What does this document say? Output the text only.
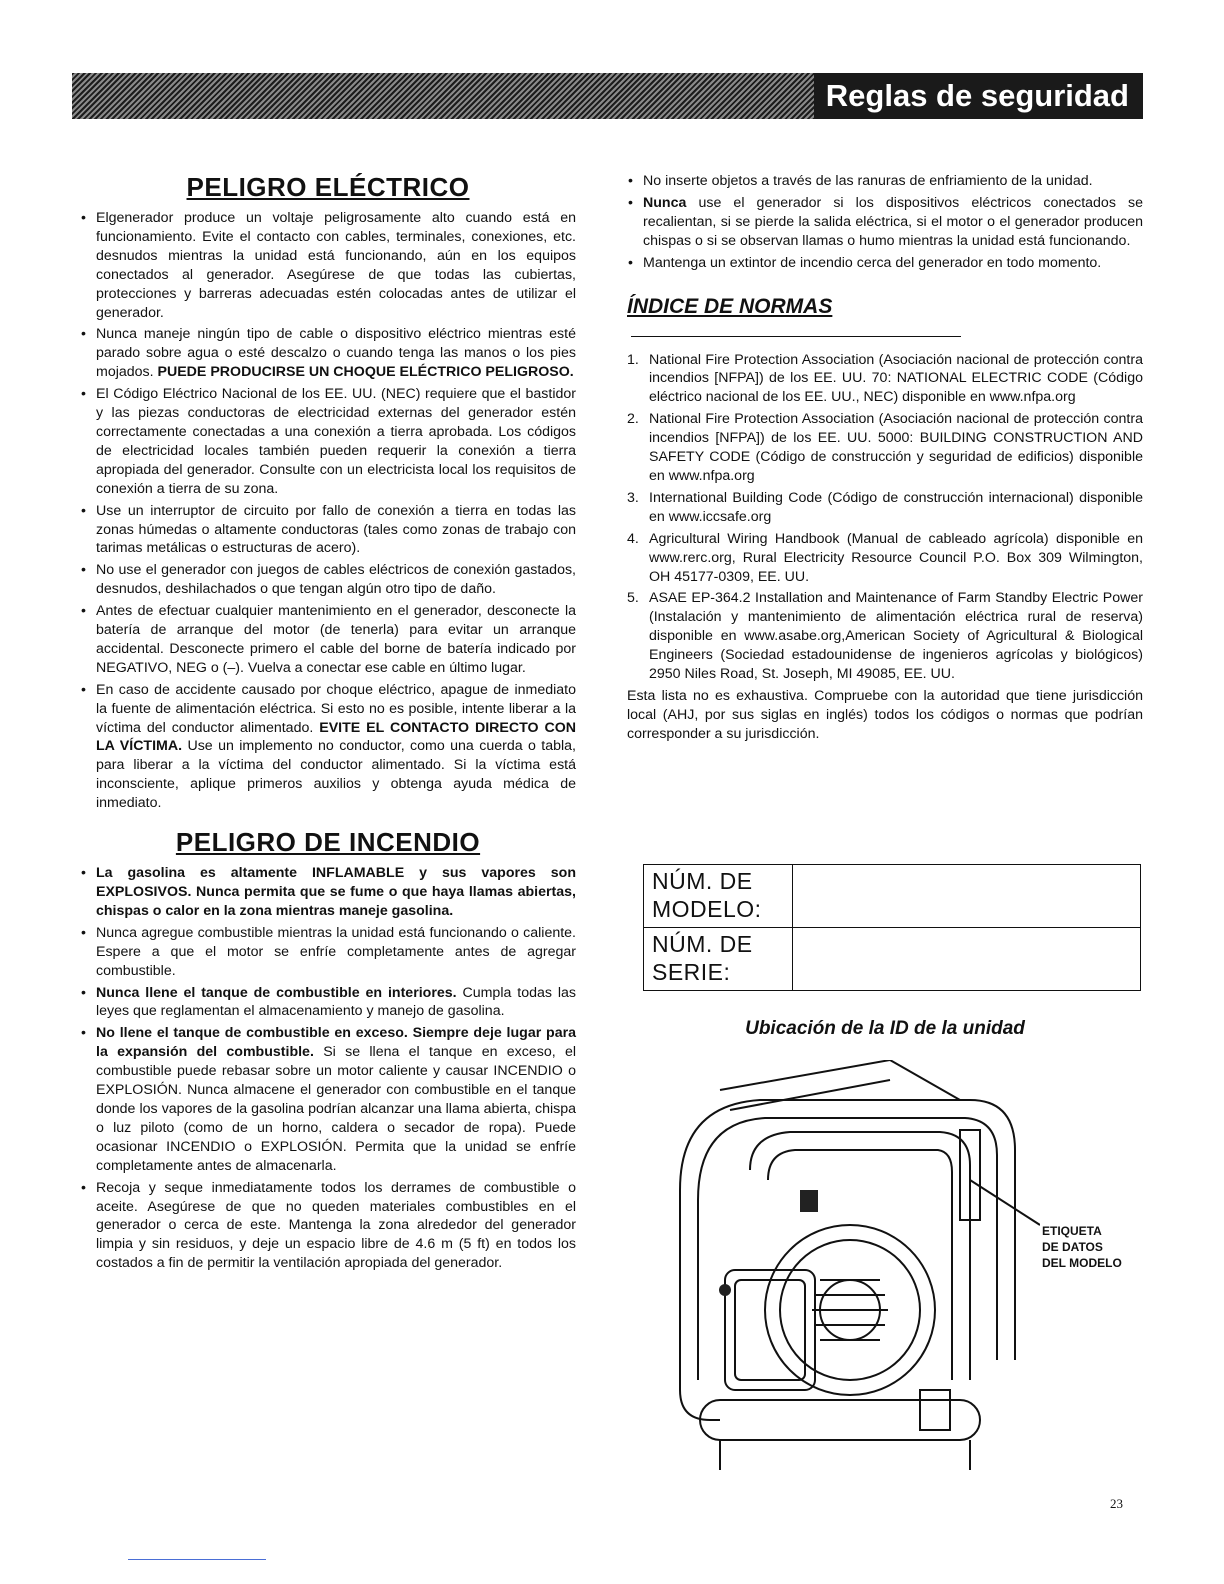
Reglas de seguridad
PELIGRO ELÉCTRICO
• Elgenerador produce un voltaje peligrosamente alto cuando está en funcionamiento. Evite el contacto con cables, terminales, conexiones, etc. desnudos mientras la unidad está funcionando, aún en los equipos conectados al generador. Asegúrese de que todas las cubiertas, protecciones y barreras adecuadas estén colocadas antes de utilizar el generador.
• Nunca maneje ningún tipo de cable o dispositivo eléctrico mientras esté parado sobre agua o esté descalzo o cuando tenga las manos o los pies mojados. PUEDE PRODUCIRSE UN CHOQUE ELÉCTRICO PELIGROSO.
• El Código Eléctrico Nacional de los EE. UU. (NEC) requiere que el bastidor y las piezas conductoras de electricidad externas del generador estén correctamente conectadas a una conexión a tierra aprobada. Los códigos de electricidad locales también pueden requerir la conexión a tierra apropiada del generador. Consulte con un electricista local los requisitos de conexión a tierra de su zona.
• Use un interruptor de circuito por fallo de conexión a tierra en todas las zonas húmedas o altamente conductoras (tales como zonas de trabajo con tarimas metálicas o estructuras de acero).
• No use el generador con juegos de cables eléctricos de conexión gastados, desnudos, deshilachados o que tengan algún otro tipo de daño.
• Antes de efectuar cualquier mantenimiento en el generador, desconecte la batería de arranque del motor (de tenerla) para evitar un arranque accidental. Desconecte primero el cable del borne de batería indicado por NEGATIVO, NEG o (–). Vuelva a conectar ese cable en último lugar.
• En caso de accidente causado por choque eléctrico, apague de inmediato la fuente de alimentación eléctrica. Si esto no es posible, intente liberar a la víctima del conductor alimentado. EVITE EL CONTACTO DIRECTO CON LA VÍCTIMA. Use un implemento no conductor, como una cuerda o tabla, para liberar a la víctima del conductor alimentado. Si la víctima está inconsciente, aplique primeros auxilios y obtenga ayuda médica de inmediato.
PELIGRO DE INCENDIO
• La gasolina es altamente INFLAMABLE y sus vapores son EXPLOSIVOS. Nunca permita que se fume o que haya llamas abiertas, chispas o calor en la zona mientras maneje gasolina.
• Nunca agregue combustible mientras la unidad está funcionando o caliente. Espere a que el motor se enfríe completamente antes de agregar combustible.
• Nunca llene el tanque de combustible en interiores. Cumpla todas las leyes que reglamentan el almacenamiento y manejo de gasolina.
• No llene el tanque de combustible en exceso. Siempre deje lugar para la expansión del combustible. Si se llena el tanque en exceso, el combustible puede rebasar sobre un motor caliente y causar INCENDIO o EXPLOSIÓN. Nunca almacene el generador con combustible en el tanque donde los vapores de la gasolina podrían alcanzar una llama abierta, chispa o luz piloto (como de un horno, caldera o secador de ropa). Puede ocasionar INCENDIO o EXPLOSIÓN. Permita que la unidad se enfríe completamente antes de almacenarla.
• Recoja y seque inmediatamente todos los derrames de combustible o aceite. Asegúrese de que no queden materiales combustibles en el generador o cerca de este. Mantenga la zona alrededor del generador limpia y sin residuos, y deje un espacio libre de 4.6 m (5 ft) en todos los costados a fin de permitir la ventilación apropiada del generador.
• No inserte objetos a través de las ranuras de enfriamiento de la unidad.
• Nunca use el generador si los dispositivos eléctricos conectados se recalientan, si se pierde la salida eléctrica, si el motor o el generador producen chispas o si se observan llamas o humo mientras la unidad está funcionando.
• Mantenga un extintor de incendio cerca del generador en todo momento.
ÍNDICE DE NORMAS
1. National Fire Protection Association (Asociación nacional de protección contra incendios [NFPA]) de los EE. UU. 70: NATIONAL ELECTRIC CODE (Código eléctrico nacional de los EE. UU., NEC) disponible en www.nfpa.org
2. National Fire Protection Association (Asociación nacional de protección contra incendios [NFPA]) de los EE. UU. 5000: BUILDING CONSTRUCTION AND SAFETY CODE (Código de construcción y seguridad de edificios) disponible en www.nfpa.org
3. International Building Code (Código de construcción internacional) disponible en www.iccsafe.org
4. Agricultural Wiring Handbook (Manual de cableado agrícola) disponible en www.rerc.org, Rural Electricity Resource Council P.O. Box 309 Wilmington, OH 45177-0309, EE. UU.
5. ASAE EP-364.2 Installation and Maintenance of Farm Standby Electric Power (Instalación y mantenimiento de alimentación eléctrica rural de reserva) disponible en www.asabe.org,American Society of Agricultural & Biological Engineers (Sociedad estadounidense de ingenieros agrícolas y biológicos) 2950 Niles Road, St. Joseph, MI 49085, EE. UU.
Esta lista no es exhaustiva. Compruebe con la autoridad que tiene jurisdicción local (AHJ, por sus siglas en inglés) todos los códigos o normas que podrían corresponder a su jurisdicción.
NÚM. DE
MODELO:	
NÚM. DE
SERIE:	
Ubicación de la ID de la unidad
ETIQUETA
DE DATOS
DEL MODELO
23
